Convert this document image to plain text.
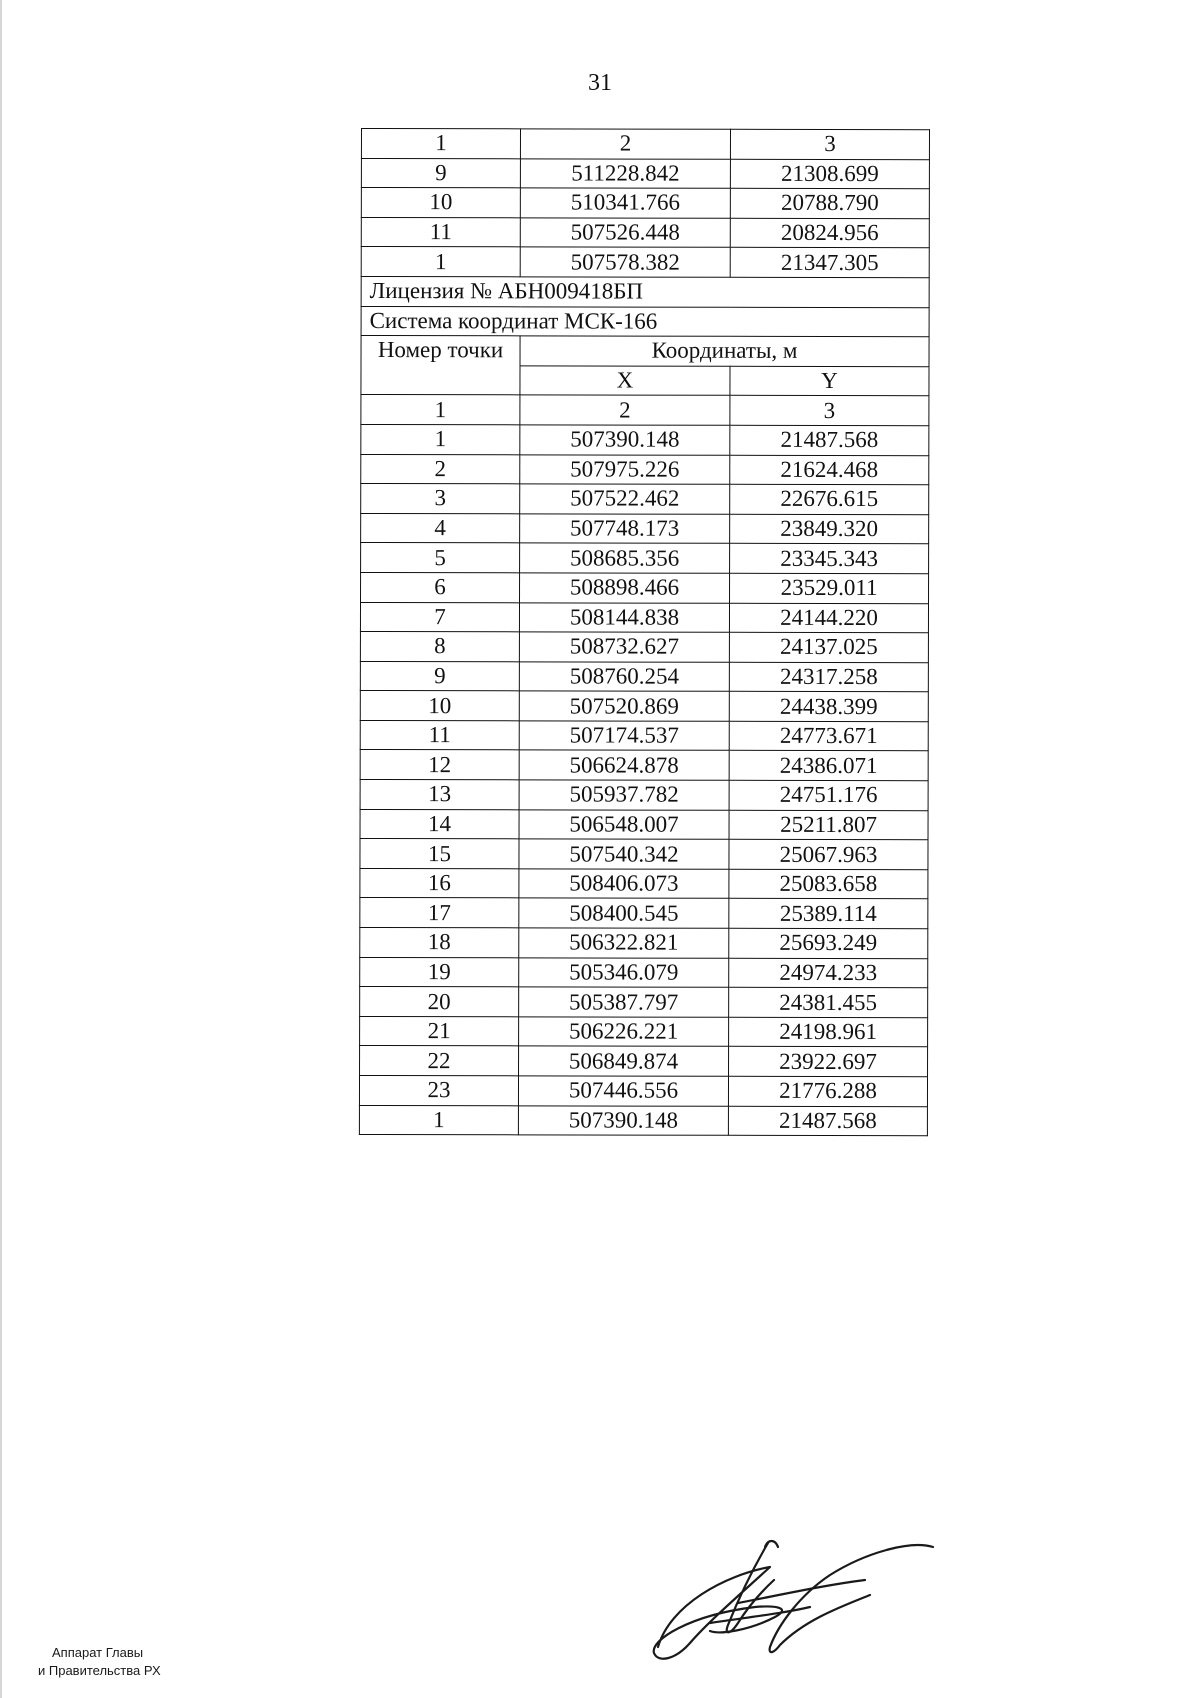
31
1	2	3
9	511228.842	21308.699
10	510341.766	20788.790
11	507526.448	20824.956
1	507578.382	21347.305
Лицензия № АБН009418БП		
Система координат МСК-166		
Номер точки	Координаты, м	
	X	Y
1	2	3
1	507390.148	21487.568
2	507975.226	21624.468
3	507522.462	22676.615
4	507748.173	23849.320
5	508685.356	23345.343
6	508898.466	23529.011
7	508144.838	24144.220
8	508732.627	24137.025
9	508760.254	24317.258
10	507520.869	24438.399
11	507174.537	24773.671
12	506624.878	24386.071
13	505937.782	24751.176
14	506548.007	25211.807
15	507540.342	25067.963
16	508406.073	25083.658
17	508400.545	25389.114
18	506322.821	25693.249
19	505346.079	24974.233
20	505387.797	24381.455
21	506226.221	24198.961
22	506849.874	23922.697
23	507446.556	21776.288
1	507390.148	21487.568
Аппарат Главы
и Правительства РХ
